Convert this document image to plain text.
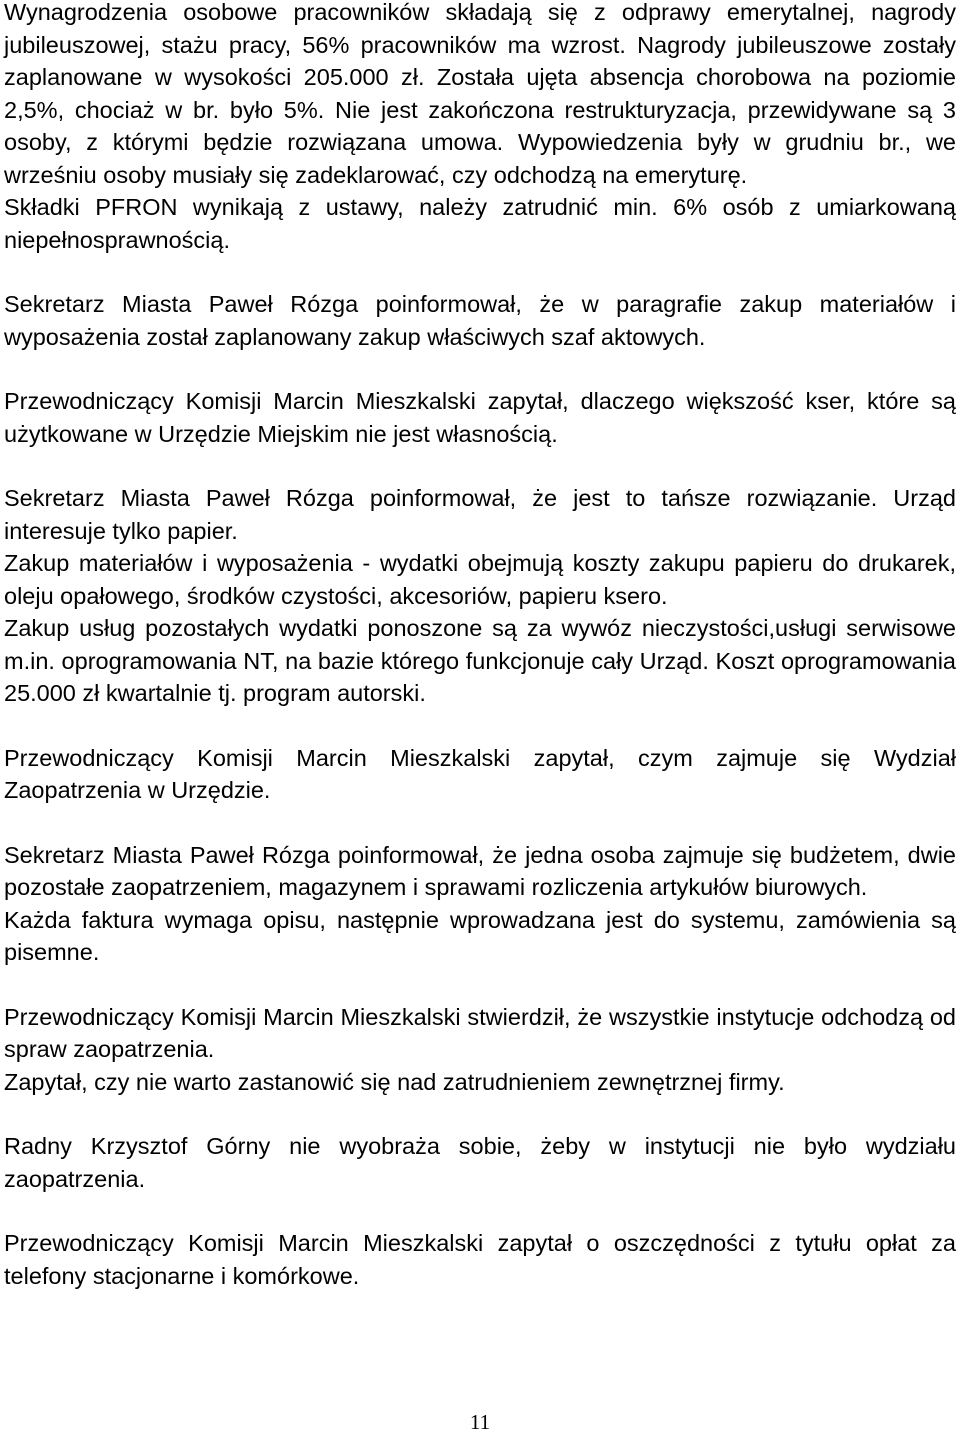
Wynagrodzenia osobowe pracowników składają się z odprawy emerytalnej, nagrody jubileuszowej, stażu pracy, 56% pracowników ma wzrost. Nagrody jubileuszowe zostały zaplanowane w wysokości 205.000 zł. Została ujęta absencja chorobowa na poziomie 2,5%, chociaż w br. było 5%. Nie jest zakończona restrukturyzacja, przewidywane są 3 osoby, z którymi będzie rozwiązana umowa. Wypowiedzenia były w grudniu br., we wrześniu osoby musiały się zadeklarować, czy odchodzą na emeryturę.

Składki PFRON wynikają z ustawy, należy zatrudnić min. 6% osób z umiarkowaną niepełnosprawnością.

Sekretarz Miasta Paweł Rózga poinformował, że w paragrafie zakup materiałów i wyposażenia został zaplanowany zakup właściwych szaf aktowych.

Przewodniczący Komisji Marcin Mieszkalski zapytał, dlaczego większość kser, które są użytkowane w Urzędzie Miejskim nie jest własnością.

Sekretarz Miasta Paweł Rózga poinformował, że jest to tańsze rozwiązanie. Urząd interesuje tylko papier.

Zakup materiałów i wyposażenia - wydatki obejmują koszty zakupu papieru do drukarek, oleju opałowego, środków czystości, akcesoriów, papieru ksero.

Zakup usług pozostałych wydatki ponoszone są za wywóz nieczystości,usługi serwisowe m.in. oprogramowania NT, na bazie którego funkcjonuje cały Urząd. Koszt oprogramowania 25.000 zł kwartalnie tj. program autorski.

Przewodniczący Komisji Marcin Mieszkalski zapytał, czym zajmuje się Wydział Zaopatrzenia w Urzędzie.

Sekretarz Miasta Paweł Rózga poinformował, że jedna osoba zajmuje się budżetem, dwie pozostałe zaopatrzeniem, magazynem i sprawami rozliczenia artykułów biurowych.

Każda faktura wymaga opisu, następnie wprowadzana jest do systemu, zamówienia są pisemne.

Przewodniczący Komisji Marcin Mieszkalski stwierdził, że wszystkie instytucje odchodzą od spraw zaopatrzenia.

Zapytał, czy nie warto zastanowić się nad zatrudnieniem zewnętrznej firmy.

Radny Krzysztof Górny nie wyobraża sobie, żeby w instytucji nie było wydziału zaopatrzenia.

Przewodniczący Komisji Marcin Mieszkalski zapytał o oszczędności z tytułu opłat za telefony stacjonarne i komórkowe.

11
